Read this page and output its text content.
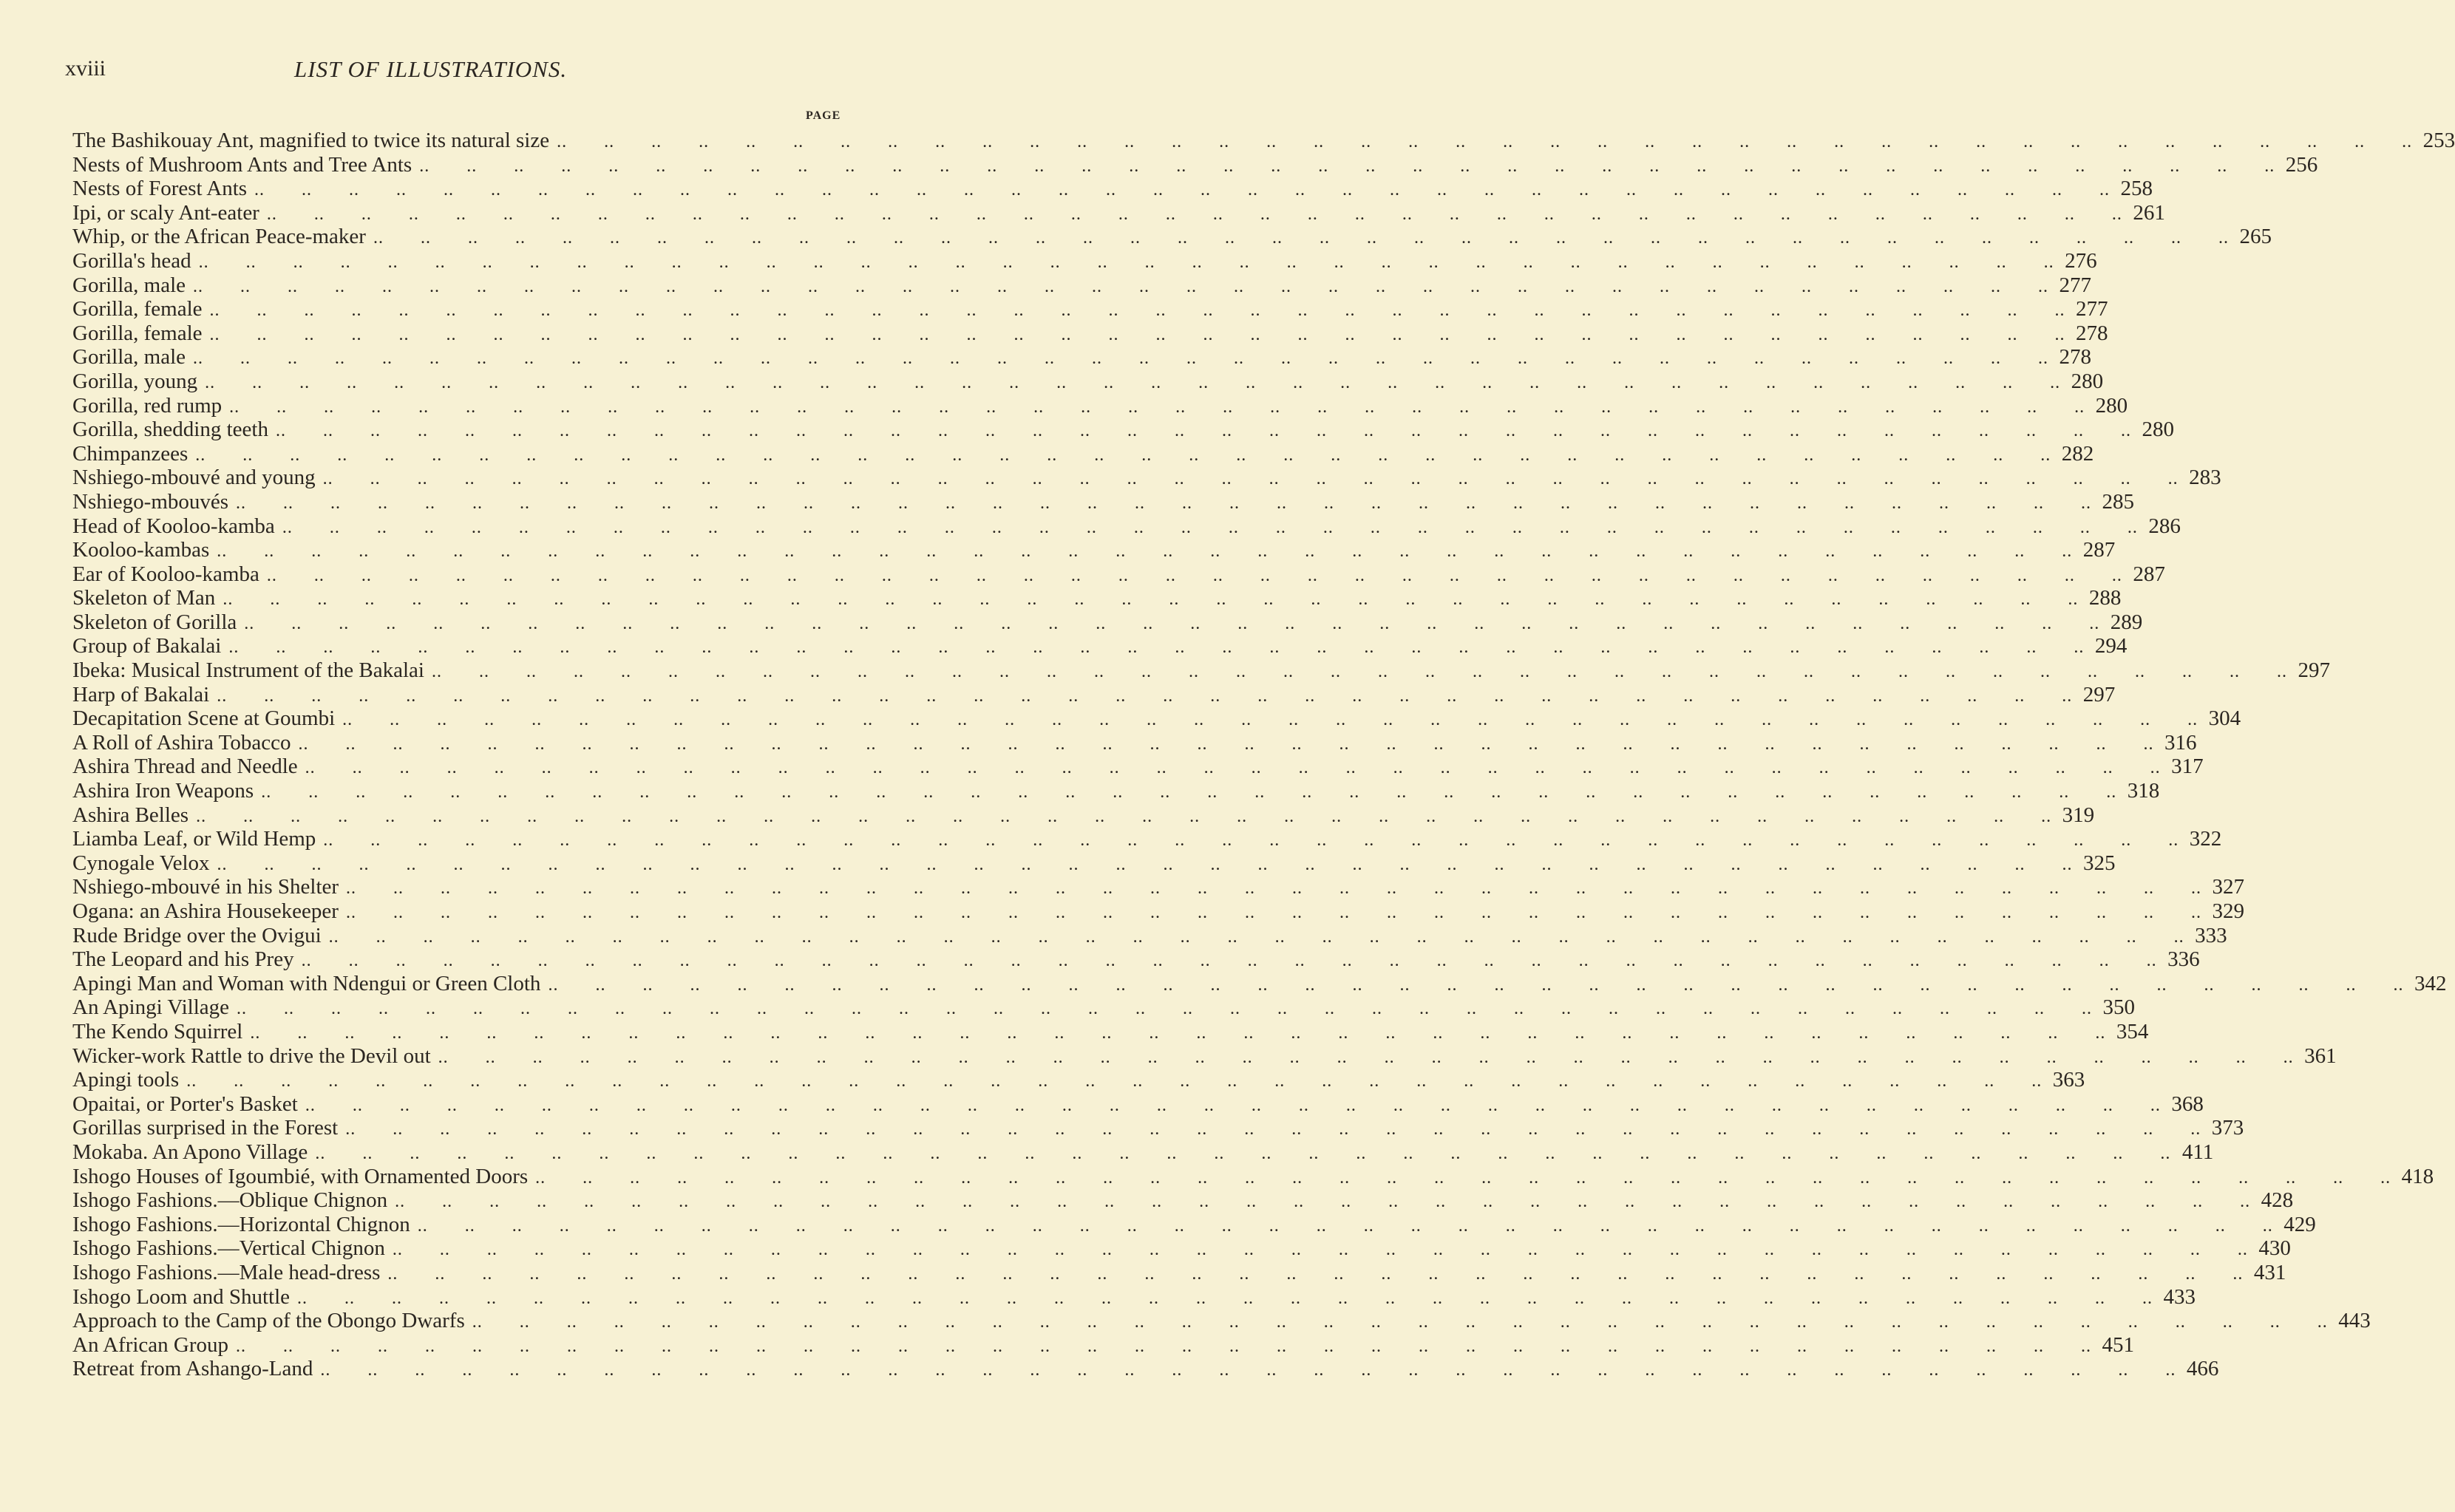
xviii	LIST OF ILLUSTRATIONS.
PAGE
The Bashikouay Ant, magnified to twice its natural size ..  ..  ..  ..  ..  ..  ..  ..  ..  ..  ..  ..  ..  ..  ..  ..  ..  ..  ..  ..  ..  ..  ..  ..  ..  ..  ..  ..  ..  ..  ..  ..  ..  ..  ..  ..  ..  ..  ..  .. 253
Nests of Mushroom Ants and Tree Ants ..  ..  ..  ..  ..  ..  ..  ..  ..  ..  ..  ..  ..  ..  ..  ..  ..  ..  ..  ..  ..  ..  ..  ..  ..  ..  ..  ..  ..  ..  ..  ..  ..  ..  ..  ..  ..  ..  ..  .. 256
Nests of Forest Ants ..  ..  ..  ..  ..  ..  ..  ..  ..  ..  ..  ..  ..  ..  ..  ..  ..  ..  ..  ..  ..  ..  ..  ..  ..  ..  ..  ..  ..  ..  ..  ..  ..  ..  ..  ..  ..  ..  ..  .. 258
Ipi, or scaly Ant-eater ..  ..  ..  ..  ..  ..  ..  ..  ..  ..  ..  ..  ..  ..  ..  ..  ..  ..  ..  ..  ..  ..  ..  ..  ..  ..  ..  ..  ..  ..  ..  ..  ..  ..  ..  ..  ..  ..  ..  .. 261
Whip, or the African Peace-maker ..  ..  ..  ..  ..  ..  ..  ..  ..  ..  ..  ..  ..  ..  ..  ..  ..  ..  ..  ..  ..  ..  ..  ..  ..  ..  ..  ..  ..  ..  ..  ..  ..  ..  ..  ..  ..  ..  ..  .. 265
Gorilla's head ..  ..  ..  ..  ..  ..  ..  ..  ..  ..  ..  ..  ..  ..  ..  ..  ..  ..  ..  ..  ..  ..  ..  ..  ..  ..  ..  ..  ..  ..  ..  ..  ..  ..  ..  ..  ..  ..  ..  .. 276
Gorilla, male ..  ..  ..  ..  ..  ..  ..  ..  ..  ..  ..  ..  ..  ..  ..  ..  ..  ..  ..  ..  ..  ..  ..  ..  ..  ..  ..  ..  ..  ..  ..  ..  ..  ..  ..  ..  ..  ..  ..  .. 277
Gorilla, female ..  ..  ..  ..  ..  ..  ..  ..  ..  ..  ..  ..  ..  ..  ..  ..  ..  ..  ..  ..  ..  ..  ..  ..  ..  ..  ..  ..  ..  ..  ..  ..  ..  ..  ..  ..  ..  ..  ..  .. 277
Gorilla, female ..  ..  ..  ..  ..  ..  ..  ..  ..  ..  ..  ..  ..  ..  ..  ..  ..  ..  ..  ..  ..  ..  ..  ..  ..  ..  ..  ..  ..  ..  ..  ..  ..  ..  ..  ..  ..  ..  ..  .. 278
Gorilla, male ..  ..  ..  ..  ..  ..  ..  ..  ..  ..  ..  ..  ..  ..  ..  ..  ..  ..  ..  ..  ..  ..  ..  ..  ..  ..  ..  ..  ..  ..  ..  ..  ..  ..  ..  ..  ..  ..  ..  .. 278
Gorilla, young ..  ..  ..  ..  ..  ..  ..  ..  ..  ..  ..  ..  ..  ..  ..  ..  ..  ..  ..  ..  ..  ..  ..  ..  ..  ..  ..  ..  ..  ..  ..  ..  ..  ..  ..  ..  ..  ..  ..  .. 280
Gorilla, red rump ..  ..  ..  ..  ..  ..  ..  ..  ..  ..  ..  ..  ..  ..  ..  ..  ..  ..  ..  ..  ..  ..  ..  ..  ..  ..  ..  ..  ..  ..  ..  ..  ..  ..  ..  ..  ..  ..  ..  .. 280
Gorilla, shedding teeth ..  ..  ..  ..  ..  ..  ..  ..  ..  ..  ..  ..  ..  ..  ..  ..  ..  ..  ..  ..  ..  ..  ..  ..  ..  ..  ..  ..  ..  ..  ..  ..  ..  ..  ..  ..  ..  ..  ..  .. 280
Chimpanzees ..  ..  ..  ..  ..  ..  ..  ..  ..  ..  ..  ..  ..  ..  ..  ..  ..  ..  ..  ..  ..  ..  ..  ..  ..  ..  ..  ..  ..  ..  ..  ..  ..  ..  ..  ..  ..  ..  ..  .. 282
Nshiego-mbouvé and young ..  ..  ..  ..  ..  ..  ..  ..  ..  ..  ..  ..  ..  ..  ..  ..  ..  ..  ..  ..  ..  ..  ..  ..  ..  ..  ..  ..  ..  ..  ..  ..  ..  ..  ..  ..  ..  ..  ..  .. 283
Nshiego-mbouvés ..  ..  ..  ..  ..  ..  ..  ..  ..  ..  ..  ..  ..  ..  ..  ..  ..  ..  ..  ..  ..  ..  ..  ..  ..  ..  ..  ..  ..  ..  ..  ..  ..  ..  ..  ..  ..  ..  ..  .. 285
Head of Kooloo-kamba ..  ..  ..  ..  ..  ..  ..  ..  ..  ..  ..  ..  ..  ..  ..  ..  ..  ..  ..  ..  ..  ..  ..  ..  ..  ..  ..  ..  ..  ..  ..  ..  ..  ..  ..  ..  ..  ..  ..  .. 286
Kooloo-kambas ..  ..  ..  ..  ..  ..  ..  ..  ..  ..  ..  ..  ..  ..  ..  ..  ..  ..  ..  ..  ..  ..  ..  ..  ..  ..  ..  ..  ..  ..  ..  ..  ..  ..  ..  ..  ..  ..  ..  .. 287
Ear of Kooloo-kamba ..  ..  ..  ..  ..  ..  ..  ..  ..  ..  ..  ..  ..  ..  ..  ..  ..  ..  ..  ..  ..  ..  ..  ..  ..  ..  ..  ..  ..  ..  ..  ..  ..  ..  ..  ..  ..  ..  ..  .. 287
Skeleton of Man ..  ..  ..  ..  ..  ..  ..  ..  ..  ..  ..  ..  ..  ..  ..  ..  ..  ..  ..  ..  ..  ..  ..  ..  ..  ..  ..  ..  ..  ..  ..  ..  ..  ..  ..  ..  ..  ..  ..  .. 288
Skeleton of Gorilla ..  ..  ..  ..  ..  ..  ..  ..  ..  ..  ..  ..  ..  ..  ..  ..  ..  ..  ..  ..  ..  ..  ..  ..  ..  ..  ..  ..  ..  ..  ..  ..  ..  ..  ..  ..  ..  ..  ..  .. 289
Group of Bakalai ..  ..  ..  ..  ..  ..  ..  ..  ..  ..  ..  ..  ..  ..  ..  ..  ..  ..  ..  ..  ..  ..  ..  ..  ..  ..  ..  ..  ..  ..  ..  ..  ..  ..  ..  ..  ..  ..  ..  .. 294
Ibeka: Musical Instrument of the Bakalai ..  ..  ..  ..  ..  ..  ..  ..  ..  ..  ..  ..  ..  ..  ..  ..  ..  ..  ..  ..  ..  ..  ..  ..  ..  ..  ..  ..  ..  ..  ..  ..  ..  ..  ..  ..  ..  ..  ..  .. 297
Harp of Bakalai ..  ..  ..  ..  ..  ..  ..  ..  ..  ..  ..  ..  ..  ..  ..  ..  ..  ..  ..  ..  ..  ..  ..  ..  ..  ..  ..  ..  ..  ..  ..  ..  ..  ..  ..  ..  ..  ..  ..  .. 297
Decapitation Scene at Goumbi ..  ..  ..  ..  ..  ..  ..  ..  ..  ..  ..  ..  ..  ..  ..  ..  ..  ..  ..  ..  ..  ..  ..  ..  ..  ..  ..  ..  ..  ..  ..  ..  ..  ..  ..  ..  ..  ..  ..  .. 304
A Roll of Ashira Tobacco ..  ..  ..  ..  ..  ..  ..  ..  ..  ..  ..  ..  ..  ..  ..  ..  ..  ..  ..  ..  ..  ..  ..  ..  ..  ..  ..  ..  ..  ..  ..  ..  ..  ..  ..  ..  ..  ..  ..  .. 316
Ashira Thread and Needle ..  ..  ..  ..  ..  ..  ..  ..  ..  ..  ..  ..  ..  ..  ..  ..  ..  ..  ..  ..  ..  ..  ..  ..  ..  ..  ..  ..  ..  ..  ..  ..  ..  ..  ..  ..  ..  ..  ..  .. 317
Ashira Iron Weapons ..  ..  ..  ..  ..  ..  ..  ..  ..  ..  ..  ..  ..  ..  ..  ..  ..  ..  ..  ..  ..  ..  ..  ..  ..  ..  ..  ..  ..  ..  ..  ..  ..  ..  ..  ..  ..  ..  ..  .. 318
Ashira Belles ..  ..  ..  ..  ..  ..  ..  ..  ..  ..  ..  ..  ..  ..  ..  ..  ..  ..  ..  ..  ..  ..  ..  ..  ..  ..  ..  ..  ..  ..  ..  ..  ..  ..  ..  ..  ..  ..  ..  .. 319
Liamba Leaf, or Wild Hemp ..  ..  ..  ..  ..  ..  ..  ..  ..  ..  ..  ..  ..  ..  ..  ..  ..  ..  ..  ..  ..  ..  ..  ..  ..  ..  ..  ..  ..  ..  ..  ..  ..  ..  ..  ..  ..  ..  ..  .. 322
Cynogale Velox ..  ..  ..  ..  ..  ..  ..  ..  ..  ..  ..  ..  ..  ..  ..  ..  ..  ..  ..  ..  ..  ..  ..  ..  ..  ..  ..  ..  ..  ..  ..  ..  ..  ..  ..  ..  ..  ..  ..  .. 325
Nshiego-mbouvé in his Shelter ..  ..  ..  ..  ..  ..  ..  ..  ..  ..  ..  ..  ..  ..  ..  ..  ..  ..  ..  ..  ..  ..  ..  ..  ..  ..  ..  ..  ..  ..  ..  ..  ..  ..  ..  ..  ..  ..  ..  .. 327
Ogana: an Ashira Housekeeper ..  ..  ..  ..  ..  ..  ..  ..  ..  ..  ..  ..  ..  ..  ..  ..  ..  ..  ..  ..  ..  ..  ..  ..  ..  ..  ..  ..  ..  ..  ..  ..  ..  ..  ..  ..  ..  ..  ..  .. 329
Rude Bridge over the Ovigui ..  ..  ..  ..  ..  ..  ..  ..  ..  ..  ..  ..  ..  ..  ..  ..  ..  ..  ..  ..  ..  ..  ..  ..  ..  ..  ..  ..  ..  ..  ..  ..  ..  ..  ..  ..  ..  ..  ..  .. 333
The Leopard and his Prey ..  ..  ..  ..  ..  ..  ..  ..  ..  ..  ..  ..  ..  ..  ..  ..  ..  ..  ..  ..  ..  ..  ..  ..  ..  ..  ..  ..  ..  ..  ..  ..  ..  ..  ..  ..  ..  ..  ..  .. 336
Apingi Man and Woman with Ndengui or Green Cloth ..  ..  ..  ..  ..  ..  ..  ..  ..  ..  ..  ..  ..  ..  ..  ..  ..  ..  ..  ..  ..  ..  ..  ..  ..  ..  ..  ..  ..  ..  ..  ..  ..  ..  ..  ..  ..  ..  ..  .. 342
An Apingi Village ..  ..  ..  ..  ..  ..  ..  ..  ..  ..  ..  ..  ..  ..  ..  ..  ..  ..  ..  ..  ..  ..  ..  ..  ..  ..  ..  ..  ..  ..  ..  ..  ..  ..  ..  ..  ..  ..  ..  .. 350
The Kendo Squirrel ..  ..  ..  ..  ..  ..  ..  ..  ..  ..  ..  ..  ..  ..  ..  ..  ..  ..  ..  ..  ..  ..  ..  ..  ..  ..  ..  ..  ..  ..  ..  ..  ..  ..  ..  ..  ..  ..  ..  .. 354
Wicker-work Rattle to drive the Devil out ..  ..  ..  ..  ..  ..  ..  ..  ..  ..  ..  ..  ..  ..  ..  ..  ..  ..  ..  ..  ..  ..  ..  ..  ..  ..  ..  ..  ..  ..  ..  ..  ..  ..  ..  ..  ..  ..  ..  .. 361
Apingi tools ..  ..  ..  ..  ..  ..  ..  ..  ..  ..  ..  ..  ..  ..  ..  ..  ..  ..  ..  ..  ..  ..  ..  ..  ..  ..  ..  ..  ..  ..  ..  ..  ..  ..  ..  ..  ..  ..  ..  .. 363
Opaitai, or Porter's Basket ..  ..  ..  ..  ..  ..  ..  ..  ..  ..  ..  ..  ..  ..  ..  ..  ..  ..  ..  ..  ..  ..  ..  ..  ..  ..  ..  ..  ..  ..  ..  ..  ..  ..  ..  ..  ..  ..  ..  .. 368
Gorillas surprised in the Forest ..  ..  ..  ..  ..  ..  ..  ..  ..  ..  ..  ..  ..  ..  ..  ..  ..  ..  ..  ..  ..  ..  ..  ..  ..  ..  ..  ..  ..  ..  ..  ..  ..  ..  ..  ..  ..  ..  ..  .. 373
Mokaba. An Apono Village ..  ..  ..  ..  ..  ..  ..  ..  ..  ..  ..  ..  ..  ..  ..  ..  ..  ..  ..  ..  ..  ..  ..  ..  ..  ..  ..  ..  ..  ..  ..  ..  ..  ..  ..  ..  ..  ..  ..  .. 411
Ishogo Houses of Igoumbié, with Ornamented Doors ..  ..  ..  ..  ..  ..  ..  ..  ..  ..  ..  ..  ..  ..  ..  ..  ..  ..  ..  ..  ..  ..  ..  ..  ..  ..  ..  ..  ..  ..  ..  ..  ..  ..  ..  ..  ..  ..  ..  .. 418
Ishogo Fashions.—Oblique Chignon ..  ..  ..  ..  ..  ..  ..  ..  ..  ..  ..  ..  ..  ..  ..  ..  ..  ..  ..  ..  ..  ..  ..  ..  ..  ..  ..  ..  ..  ..  ..  ..  ..  ..  ..  ..  ..  ..  ..  .. 428
Ishogo Fashions.—Horizontal Chignon ..  ..  ..  ..  ..  ..  ..  ..  ..  ..  ..  ..  ..  ..  ..  ..  ..  ..  ..  ..  ..  ..  ..  ..  ..  ..  ..  ..  ..  ..  ..  ..  ..  ..  ..  ..  ..  ..  ..  .. 429
Ishogo Fashions.—Vertical Chignon ..  ..  ..  ..  ..  ..  ..  ..  ..  ..  ..  ..  ..  ..  ..  ..  ..  ..  ..  ..  ..  ..  ..  ..  ..  ..  ..  ..  ..  ..  ..  ..  ..  ..  ..  ..  ..  ..  ..  .. 430
Ishogo Fashions.—Male head-dress ..  ..  ..  ..  ..  ..  ..  ..  ..  ..  ..  ..  ..  ..  ..  ..  ..  ..  ..  ..  ..  ..  ..  ..  ..  ..  ..  ..  ..  ..  ..  ..  ..  ..  ..  ..  ..  ..  ..  .. 431
Ishogo Loom and Shuttle ..  ..  ..  ..  ..  ..  ..  ..  ..  ..  ..  ..  ..  ..  ..  ..  ..  ..  ..  ..  ..  ..  ..  ..  ..  ..  ..  ..  ..  ..  ..  ..  ..  ..  ..  ..  ..  ..  ..  .. 433
Approach to the Camp of the Obongo Dwarfs ..  ..  ..  ..  ..  ..  ..  ..  ..  ..  ..  ..  ..  ..  ..  ..  ..  ..  ..  ..  ..  ..  ..  ..  ..  ..  ..  ..  ..  ..  ..  ..  ..  ..  ..  ..  ..  ..  ..  .. 443
An African Group ..  ..  ..  ..  ..  ..  ..  ..  ..  ..  ..  ..  ..  ..  ..  ..  ..  ..  ..  ..  ..  ..  ..  ..  ..  ..  ..  ..  ..  ..  ..  ..  ..  ..  ..  ..  ..  ..  ..  .. 451
Retreat from Ashango-Land ..  ..  ..  ..  ..  ..  ..  ..  ..  ..  ..  ..  ..  ..  ..  ..  ..  ..  ..  ..  ..  ..  ..  ..  ..  ..  ..  ..  ..  ..  ..  ..  ..  ..  ..  ..  ..  ..  ..  .. 466
